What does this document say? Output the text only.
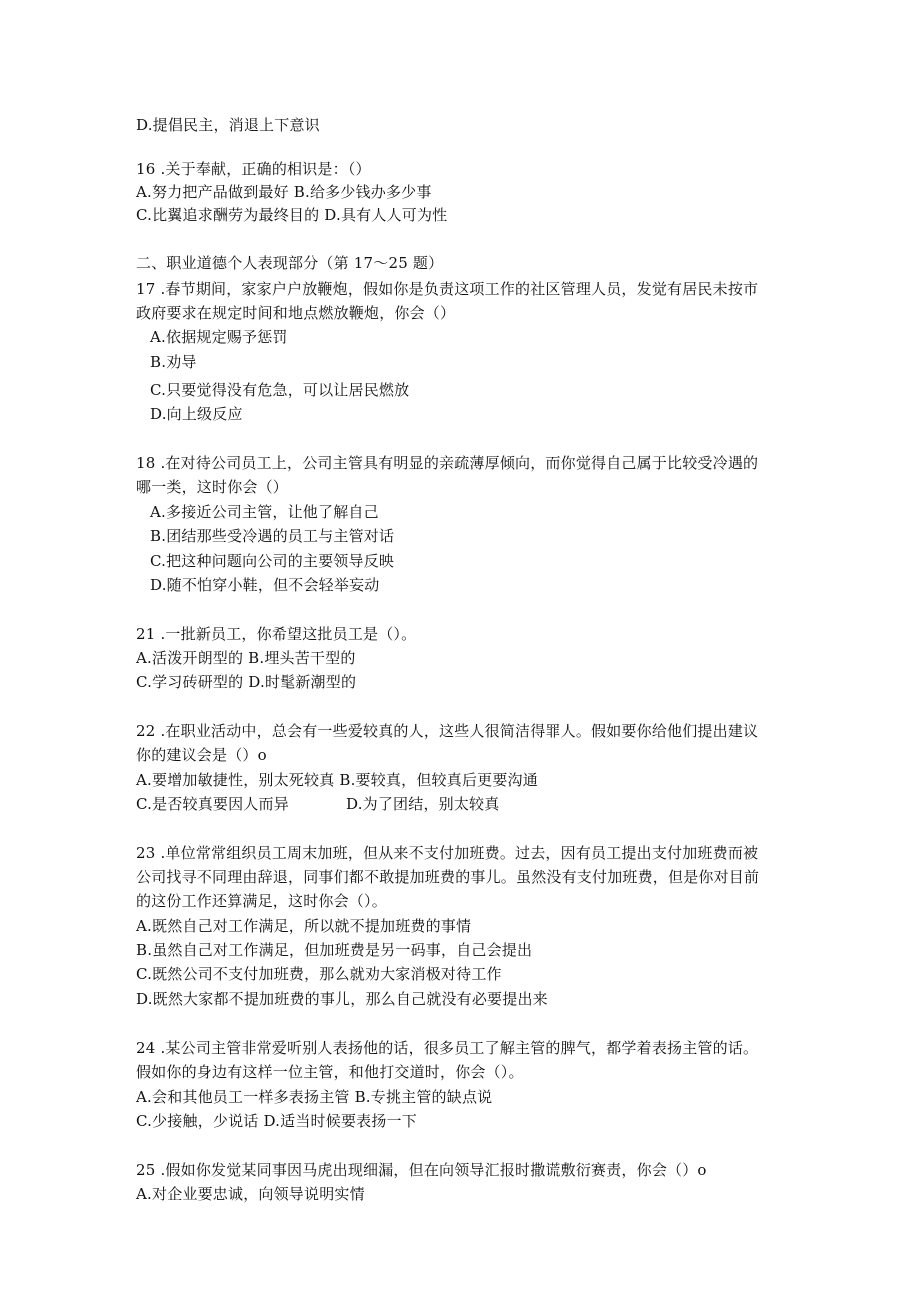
D.提倡民主，消退上下意识
16 .关于奉献，正确的相识是：（）
A.努力把产品做到最好 B.给多少钱办多少事
C.比翼追求酬劳为最终目的 D.具有人人可为性
二、职业道德个人表现部分（第 17〜25 题）
17 .春节期间，家家户户放鞭炮，假如你是负责这项工作的社区管理人员，发觉有居民未按市
政府要求在规定时间和地点燃放鞭炮，你会（）
A.依据规定赐予惩罚
B.劝导
C.只要觉得没有危急，可以让居民燃放
D.向上级反应
18 .在对待公司员工上，公司主管具有明显的亲疏薄厚倾向，而你觉得自己属于比较受冷遇的
哪一类，这时你会（）
A.多接近公司主管，让他了解自己
B.团结那些受冷遇的员工与主管对话
C.把这种问题向公司的主要领导反映
D.随不怕穿小鞋，但不会轻举妄动
21 .一批新员工，你希望这批员工是（）。
A.活泼开朗型的 B.埋头苦干型的
C.学习砖研型的 D.时髦新潮型的
22 .在职业活动中，总会有一些爱较真的人，这些人很简洁得罪人。假如要你给他们提出建议
你的建议会是（）o
A.要增加敏捷性，别太死较真 B.要较真，但较真后更要沟通
C.是否较真要因人而异	D.为了团结，别太较真
23 .单位常常组织员工周末加班，但从来不支付加班费。过去，因有员工提出支付加班费而被
公司找寻不同理由辞退，同事们都不敢提加班费的事儿。虽然没有支付加班费，但是你对目前
的这份工作还算满足，这时你会（）。
A.既然自己对工作满足，所以就不提加班费的事情
B.虽然自己对工作满足，但加班费是另一码事，自己会提出
C.既然公司不支付加班费，那么就劝大家消极对待工作
D.既然大家都不提加班费的事儿，那么自己就没有必要提出来
24 .某公司主管非常爱听别人表扬他的话，很多员工了解主管的脾气，都学着表扬主管的话。
假如你的身边有这样一位主管，和他打交道时，你会（）。
A.会和其他员工一样多表扬主管 B.专挑主管的缺点说
C.少接触，少说话 D.适当时候要表扬一下
25 .假如你发觉某同事因马虎出现细漏，但在向领导汇报时撒谎敷衍赛责，你会（）o
A.对企业要忠诚，向领导说明实情
